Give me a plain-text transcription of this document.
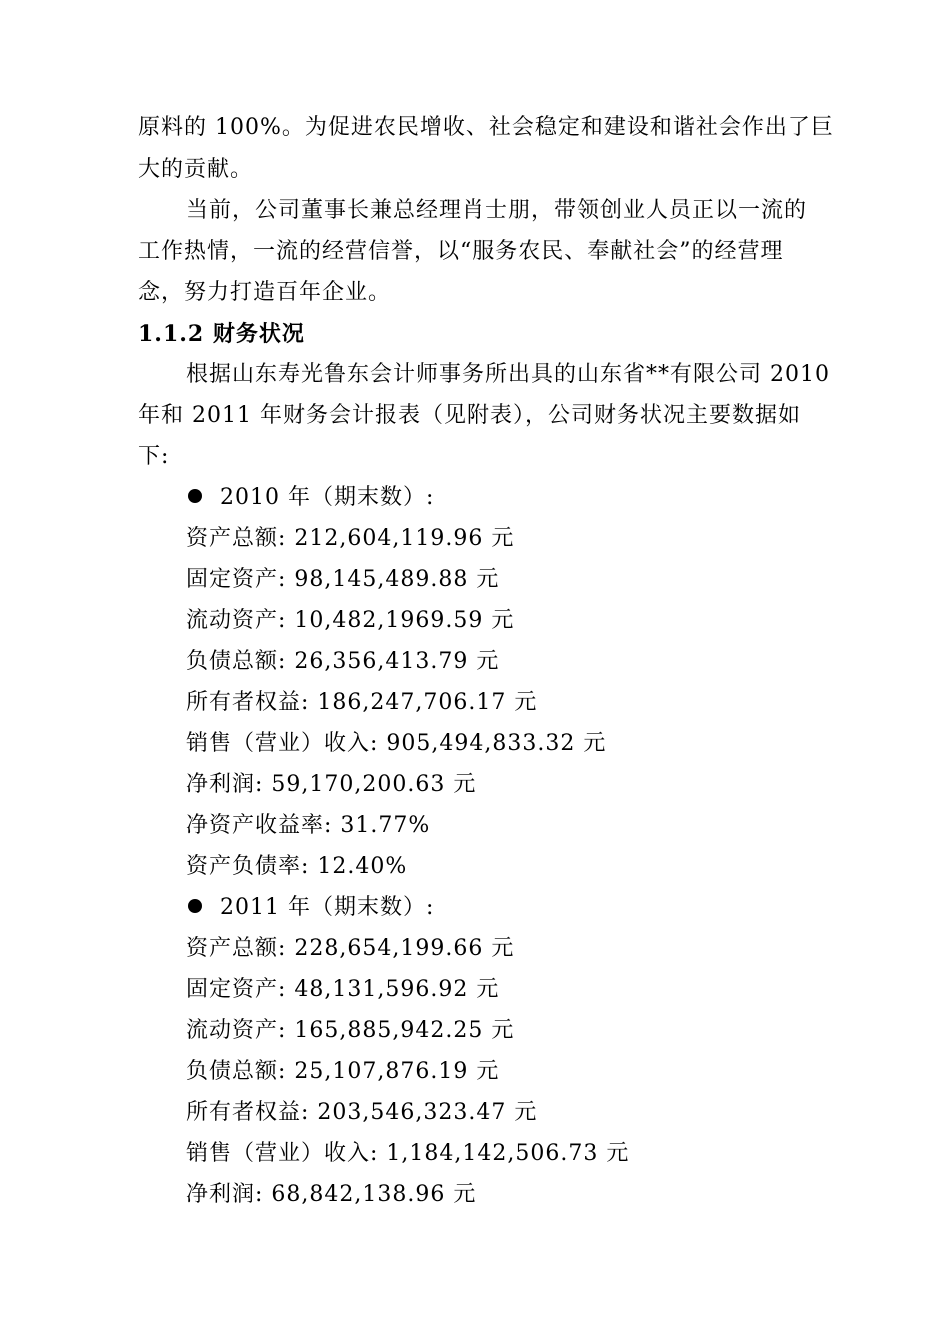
原料的 100%。为促进农民增收、社会稳定和建设和谐社会作出了巨
大的贡献。
当前，公司董事长兼总经理肖士朋，带领创业人员正以一流的
工作热情，一流的经营信誉，以“服务农民、奉献社会”的经营理
念，努力打造百年企业。
1.1.2 财务状况
根据山东寿光鲁东会计师事务所出具的山东省**有限公司 2010
年和 2011 年财务会计报表（见附表），公司财务状况主要数据如
下:
2010 年（期末数）:
资产总额: 212,604,119.96 元
固定资产: 98,145,489.88 元
流动资产: 10,482,1969.59 元
负债总额: 26,356,413.79 元
所有者权益: 186,247,706.17 元
销售（营业）收入: 905,494,833.32 元
净利润: 59,170,200.63 元
净资产收益率: 31.77%
资产负债率: 12.40%
2011 年（期末数）:
资产总额: 228,654,199.66 元
固定资产: 48,131,596.92 元
流动资产: 165,885,942.25 元
负债总额: 25,107,876.19 元
所有者权益: 203,546,323.47 元
销售（营业）收入: 1,184,142,506.73 元
净利润: 68,842,138.96 元
